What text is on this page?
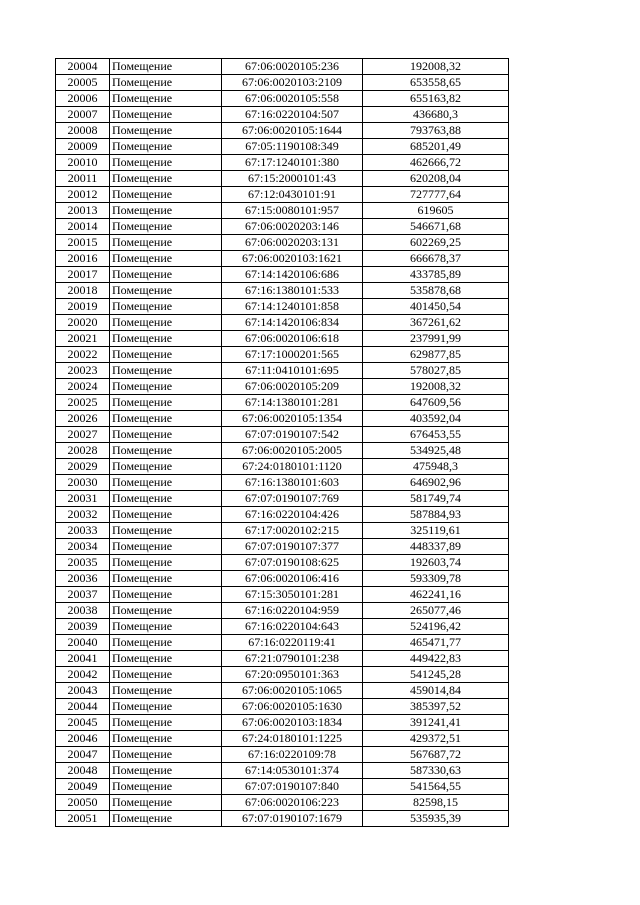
20004	Помещение	67:06:0020105:236	192008,32
20005	Помещение	67:06:0020103:2109	653558,65
20006	Помещение	67:06:0020105:558	655163,82
20007	Помещение	67:16:0220104:507	436680,3
20008	Помещение	67:06:0020105:1644	793763,88
20009	Помещение	67:05:1190108:349	685201,49
20010	Помещение	67:17:1240101:380	462666,72
20011	Помещение	67:15:2000101:43	620208,04
20012	Помещение	67:12:0430101:91	727777,64
20013	Помещение	67:15:0080101:957	619605
20014	Помещение	67:06:0020203:146	546671,68
20015	Помещение	67:06:0020203:131	602269,25
20016	Помещение	67:06:0020103:1621	666678,37
20017	Помещение	67:14:1420106:686	433785,89
20018	Помещение	67:16:1380101:533	535878,68
20019	Помещение	67:14:1240101:858	401450,54
20020	Помещение	67:14:1420106:834	367261,62
20021	Помещение	67:06:0020106:618	237991,99
20022	Помещение	67:17:1000201:565	629877,85
20023	Помещение	67:11:0410101:695	578027,85
20024	Помещение	67:06:0020105:209	192008,32
20025	Помещение	67:14:1380101:281	647609,56
20026	Помещение	67:06:0020105:1354	403592,04
20027	Помещение	67:07:0190107:542	676453,55
20028	Помещение	67:06:0020105:2005	534925,48
20029	Помещение	67:24:0180101:1120	475948,3
20030	Помещение	67:16:1380101:603	646902,96
20031	Помещение	67:07:0190107:769	581749,74
20032	Помещение	67:16:0220104:426	587884,93
20033	Помещение	67:17:0020102:215	325119,61
20034	Помещение	67:07:0190107:377	448337,89
20035	Помещение	67:07:0190108:625	192603,74
20036	Помещение	67:06:0020106:416	593309,78
20037	Помещение	67:15:3050101:281	462241,16
20038	Помещение	67:16:0220104:959	265077,46
20039	Помещение	67:16:0220104:643	524196,42
20040	Помещение	67:16:0220119:41	465471,77
20041	Помещение	67:21:0790101:238	449422,83
20042	Помещение	67:20:0950101:363	541245,28
20043	Помещение	67:06:0020105:1065	459014,84
20044	Помещение	67:06:0020105:1630	385397,52
20045	Помещение	67:06:0020103:1834	391241,41
20046	Помещение	67:24:0180101:1225	429372,51
20047	Помещение	67:16:0220109:78	567687,72
20048	Помещение	67:14:0530101:374	587330,63
20049	Помещение	67:07:0190107:840	541564,55
20050	Помещение	67:06:0020106:223	82598,15
20051	Помещение	67:07:0190107:1679	535935,39
